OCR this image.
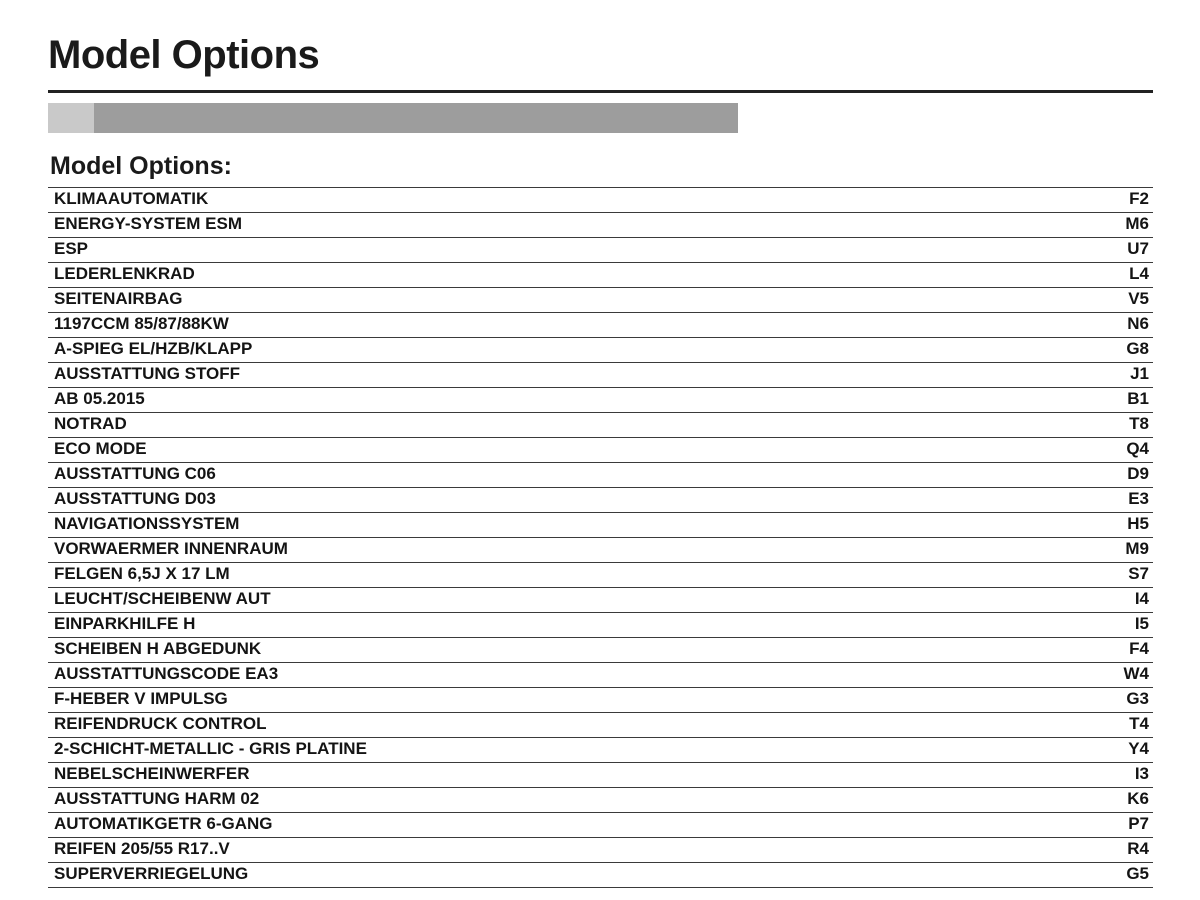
Model Options
Model Options:
KLIMAAUTOMATIK	F2
ENERGY-SYSTEM ESM	M6
ESP	U7
LEDERLENKRAD	L4
SEITENAIRBAG	V5
1197CCM 85/87/88KW	N6
A-SPIEG EL/HZB/KLAPP	G8
AUSSTATTUNG STOFF	J1
AB 05.2015	B1
NOTRAD	T8
ECO MODE	Q4
AUSSTATTUNG C06	D9
AUSSTATTUNG D03	E3
NAVIGATIONSSYSTEM	H5
VORWAERMER INNENRAUM	M9
FELGEN 6,5J X 17 LM	S7
LEUCHT/SCHEIBENW AUT	I4
EINPARKHILFE H	I5
SCHEIBEN H ABGEDUNK	F4
AUSSTATTUNGSCODE EA3	W4
F-HEBER V IMPULSG	G3
REIFENDRUCK CONTROL	T4
2-SCHICHT-METALLIC - GRIS PLATINE	Y4
NEBELSCHEINWERFER	I3
AUSSTATTUNG HARM 02	K6
AUTOMATIKGETR 6-GANG	P7
REIFEN 205/55 R17..V	R4
SUPERVERRIEGELUNG	G5
